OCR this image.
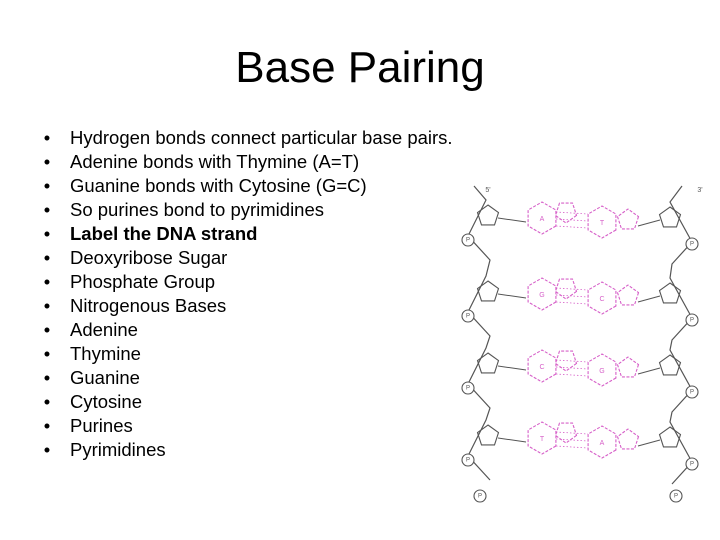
Base Pairing
• Hydrogen bonds connect particular base pairs.
• Adenine bonds with Thymine (A=T)
• Guanine bonds with Cytosine (G=C)
• So purines bond to pyrimidines
• Label the DNA strand
• Deoxyribose Sugar
• Phosphate Group
• Nitrogenous Bases
• Adenine
• Thymine
• Guanine
• Cytosine
• Purines
• Pyrimidines
5'	3'
P
P
A
T
P
P
G
C
P
P
C
G
P
P
T
A
P	P
